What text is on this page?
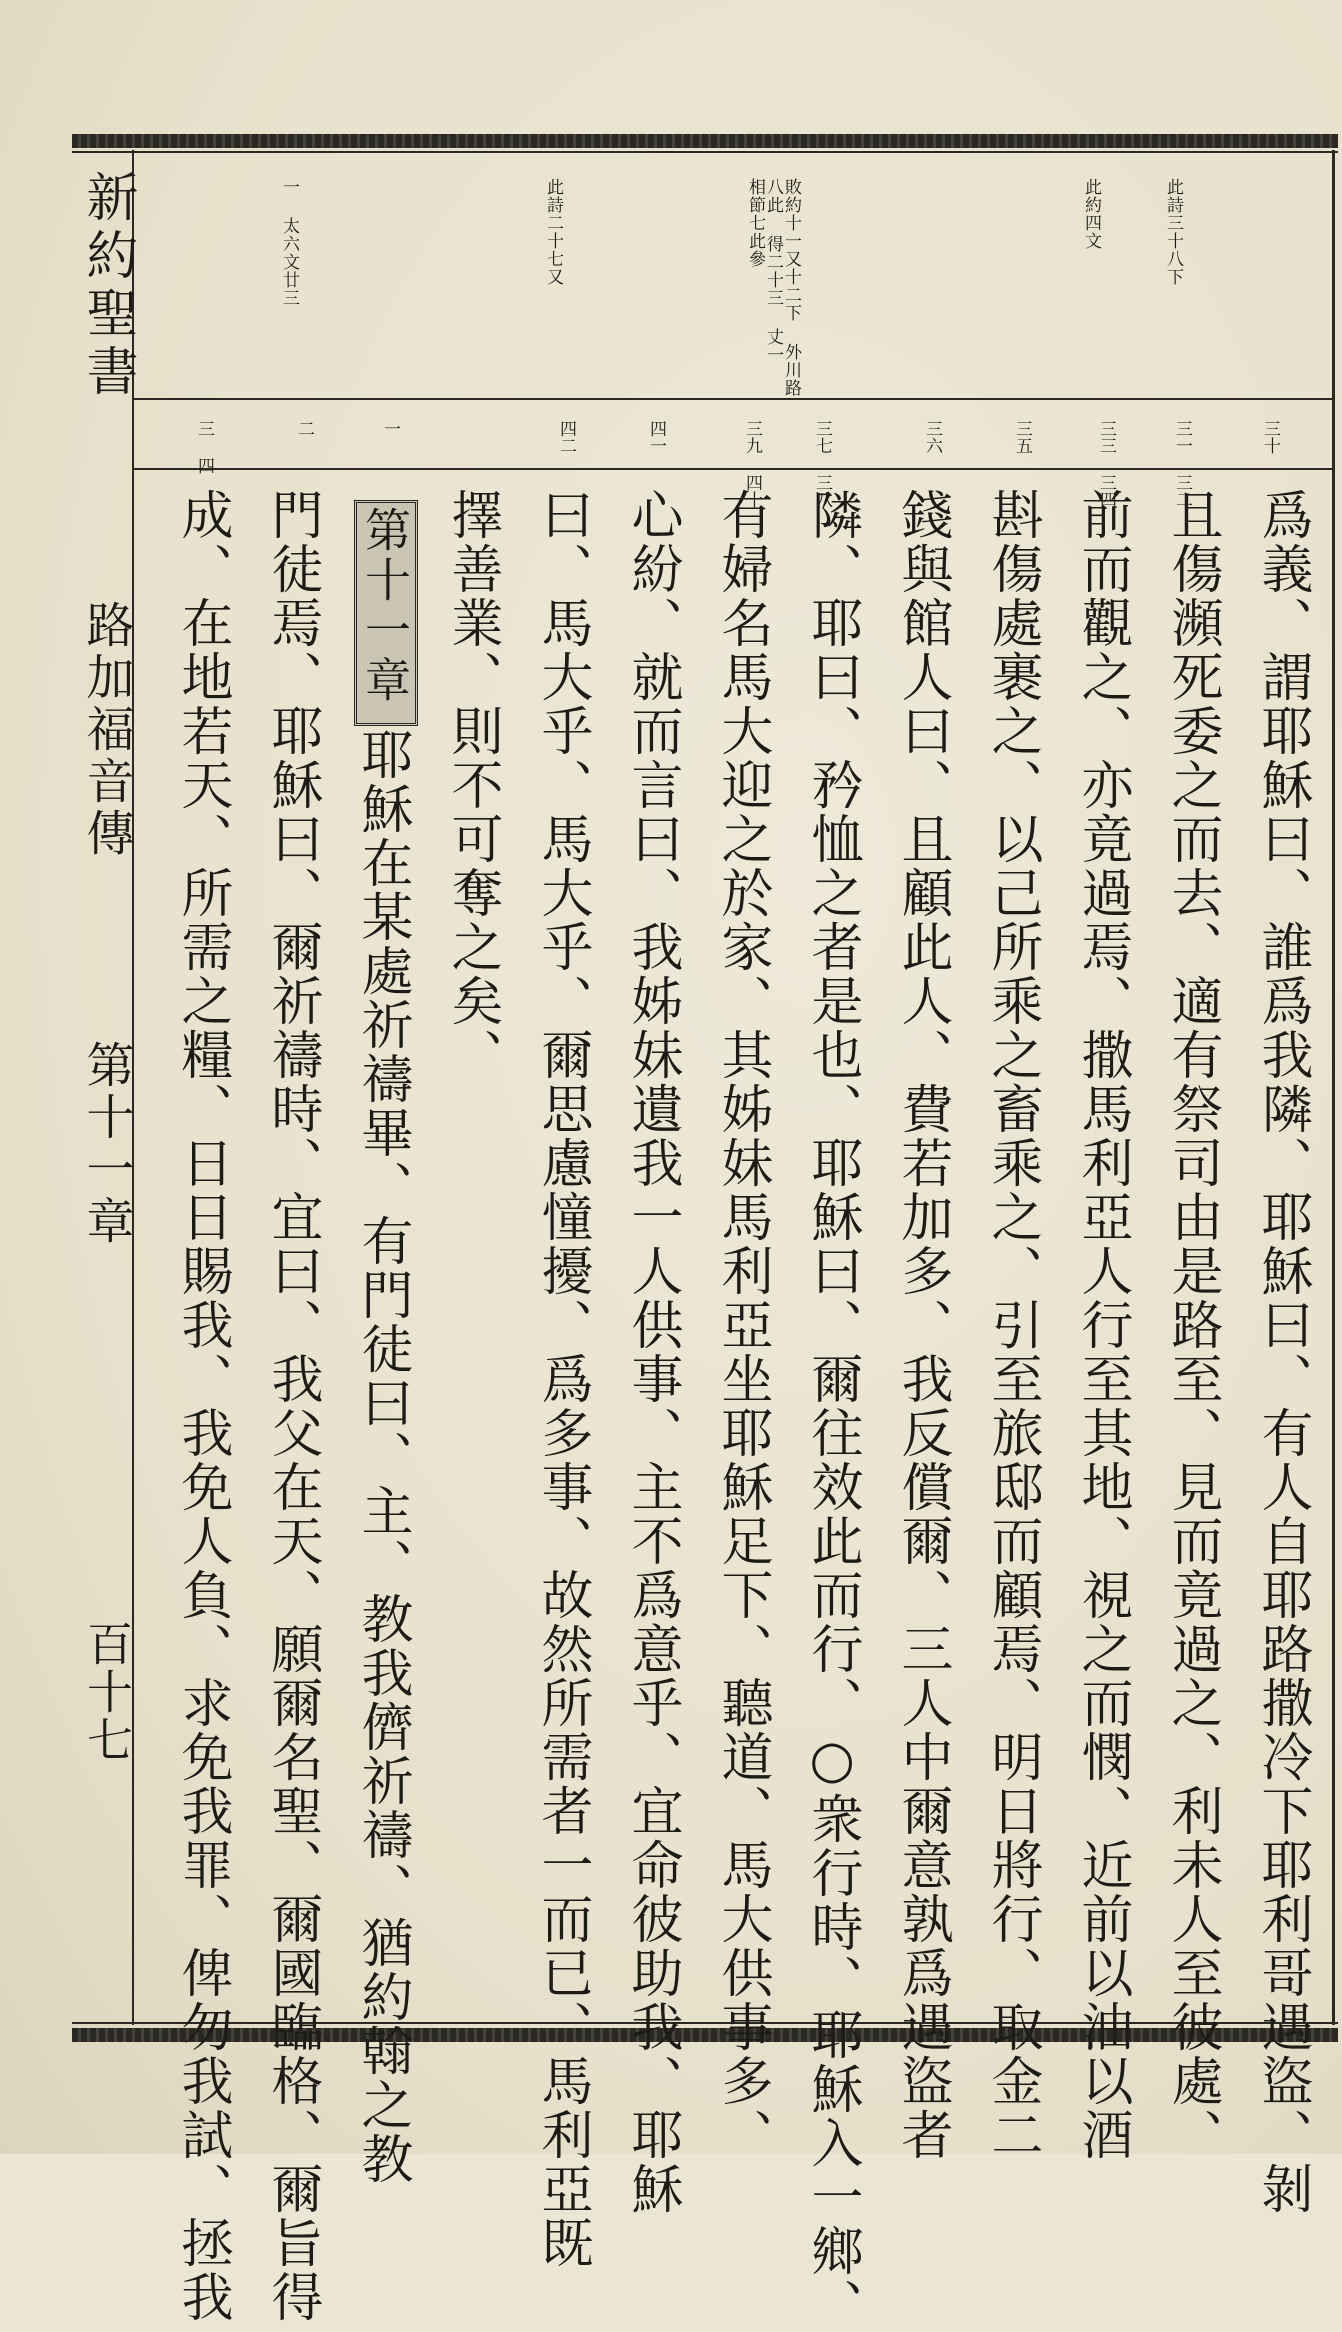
新約聖書

路加福音傳

第十一章

百十七

此詩三十八下

此約四文

敗約十一又十二下 外川路八此 得二十三 丈一 相節七此參

此詩二十七又

一 太六文廿三

三十

三一 三二

三三 三四

三五

三六

三七 三八

三九 四十

四一

四二

一

二

三 四

爲義、謂耶穌曰、誰爲我隣、耶穌曰、有人自耶路撒冷下耶利哥遇盜、剝

且傷瀕死委之而去、適有祭司由是路至、見而竟過之、利未人至彼處、

前而觀之、亦竟過焉、撒馬利亞人行至其地、視之而憫、近前以油以酒

斟傷處裹之、以己所乘之畜乘之、引至旅邸而顧焉、明日將行、取金二

錢與館人曰、且顧此人、費若加多、我反償爾、三人中爾意孰爲遇盜者

隣、耶曰、矜恤之者是也、耶穌曰、爾往效此而行、○衆行時、耶穌入一鄉、

有婦名馬大迎之於家、其姊妹馬利亞坐耶穌足下、聽道、馬大供事多、

心紛、就而言曰、我姊妹遺我一人供事、主不爲意乎、宜命彼助我、耶穌

曰、馬大乎、馬大乎、爾思慮憧擾、爲多事、故然所需者一而已、馬利亞既

擇善業、則不可奪之矣、

第十一章

耶穌在某處祈禱畢、有門徒曰、主、教我儕祈禱、猶約翰之教

門徒焉、耶穌曰、爾祈禱時、宜曰、我父在天、願爾名聖、爾國臨格、爾旨得

成、在地若天、所需之糧、日日賜我、我免人負、求免我罪、俾勿我試、拯我
